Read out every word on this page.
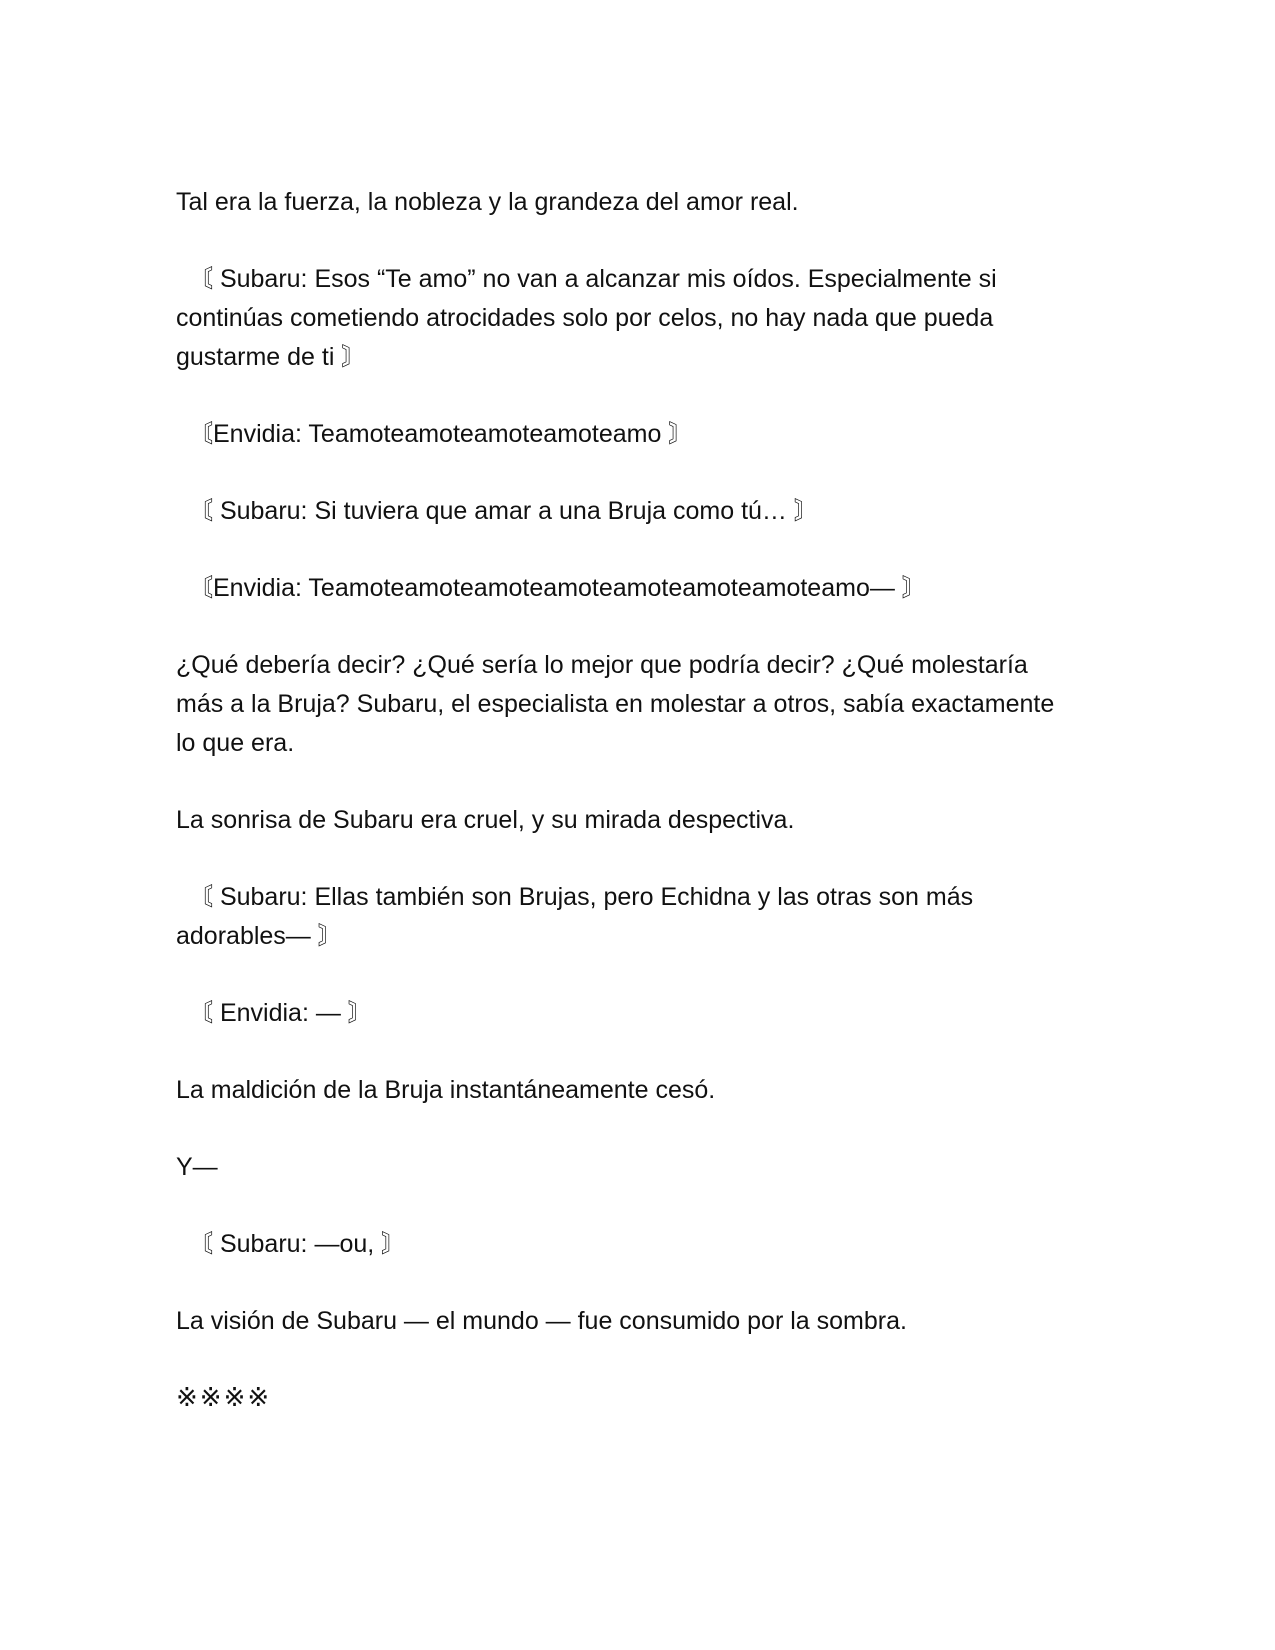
Tal era la fuerza, la nobleza y la grandeza del amor real.

〘 Subaru: Esos “Te amo” no van a alcanzar mis oídos. Especialmente si continúas cometiendo atrocidades solo por celos, no hay nada que pueda gustarme de ti 〙

〘Envidia: Teamoteamoteamoteamoteamo 〙

〘 Subaru: Si tuviera que amar a una Bruja como tú… 〙

〘Envidia: Teamoteamoteamoteamoteamoteamoteamoteamo— 〙

¿Qué debería decir? ¿Qué sería lo mejor que podría decir? ¿Qué molestaría más a la Bruja? Subaru, el especialista en molestar a otros, sabía exactamente lo que era.

La sonrisa de Subaru era cruel, y su mirada despectiva.

〘 Subaru: Ellas también son Brujas, pero Echidna y las otras son más adorables— 〙

〘 Envidia: — 〙

La maldición de la Bruja instantáneamente cesó.

Y—

〘 Subaru: —ou, 〙

La visión de Subaru — el mundo — fue consumido por la sombra.

※※※※
